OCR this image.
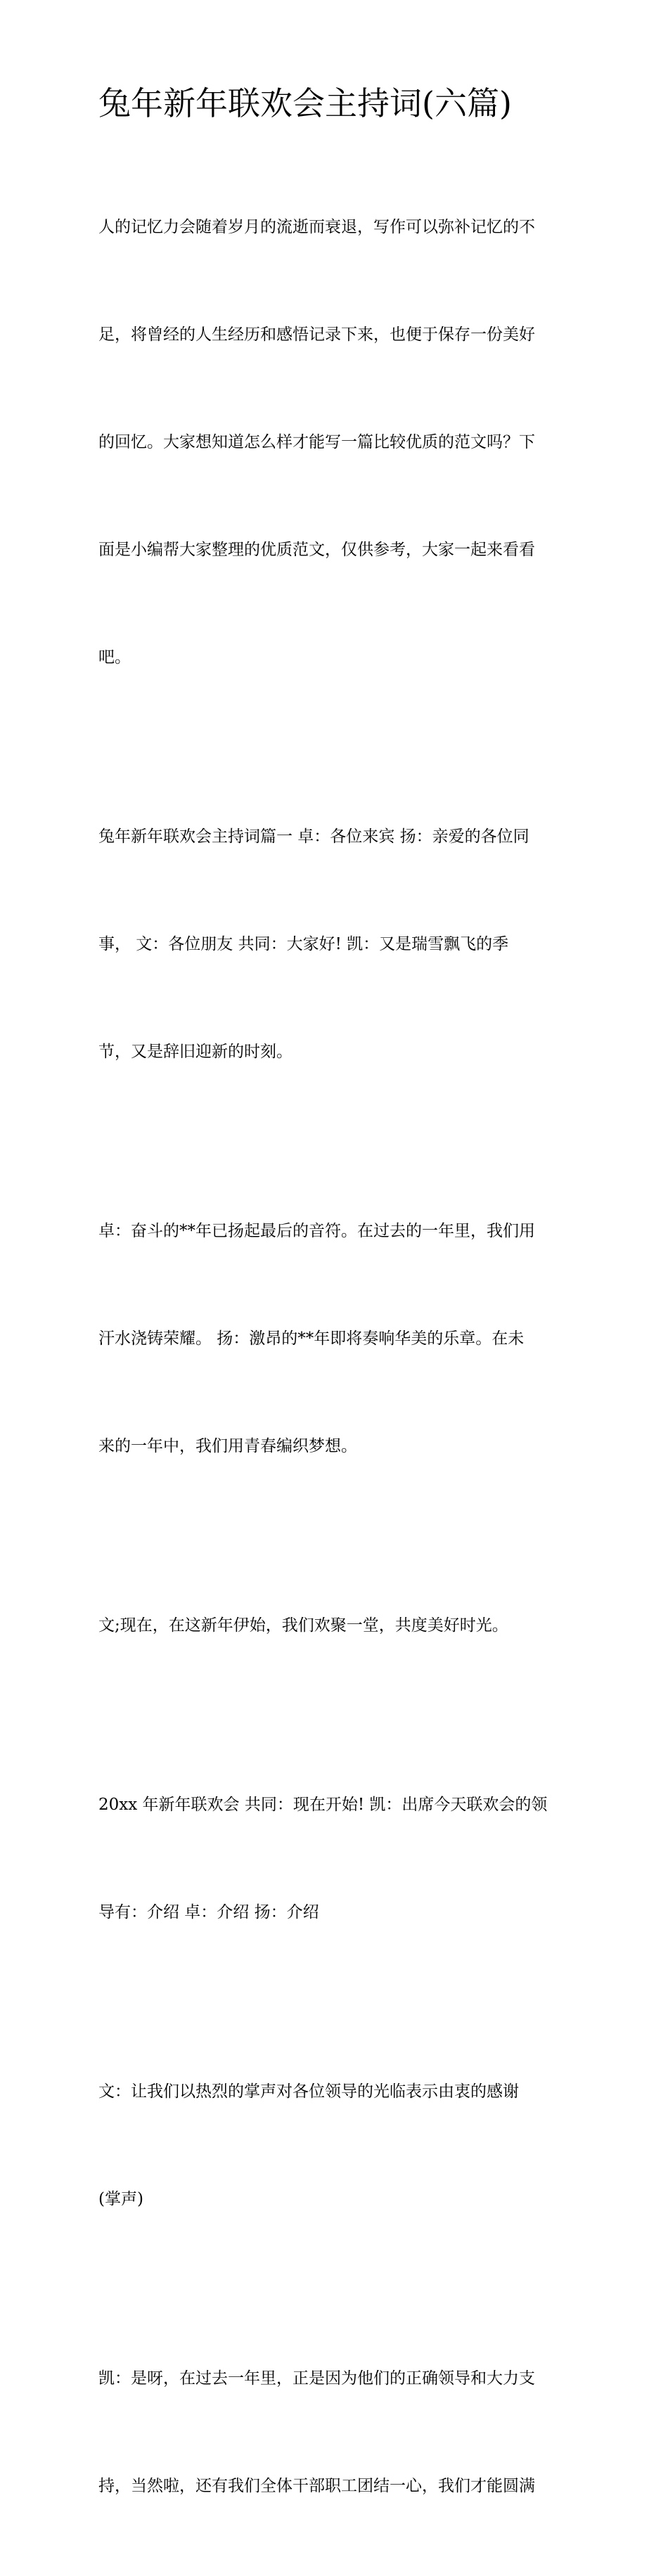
兔年新年联欢会主持词(六篇)

人的记忆力会随着岁月的流逝而衰退，写作可以弥补记忆的不

足，将曾经的人生经历和感悟记录下来，也便于保存一份美好

的回忆。大家想知道怎么样才能写一篇比较优质的范文吗？下

面是小编帮大家整理的优质范文，仅供参考，大家一起来看看

吧。

兔年新年联欢会主持词篇一 卓：各位来宾 扬：亲爱的各位同

事， 文：各位朋友 共同：大家好! 凯：又是瑞雪飘飞的季

节，又是辞旧迎新的时刻。

卓：奋斗的**年已扬起最后的音符。在过去的一年里，我们用

汗水浇铸荣耀。 扬：激昂的**年即将奏响华美的乐章。在未

来的一年中，我们用青春编织梦想。

文;现在，在这新年伊始，我们欢聚一堂，共度美好时光。

20xx 年新年联欢会 共同：现在开始! 凯：出席今天联欢会的领

导有：介绍 卓：介绍 扬：介绍

文：让我们以热烈的掌声对各位领导的光临表示由衷的感谢

(掌声)

凯：是呀，在过去一年里，正是因为他们的正确领导和大力支

持，当然啦，还有我们全体干部职工团结一心，我们才能圆满
